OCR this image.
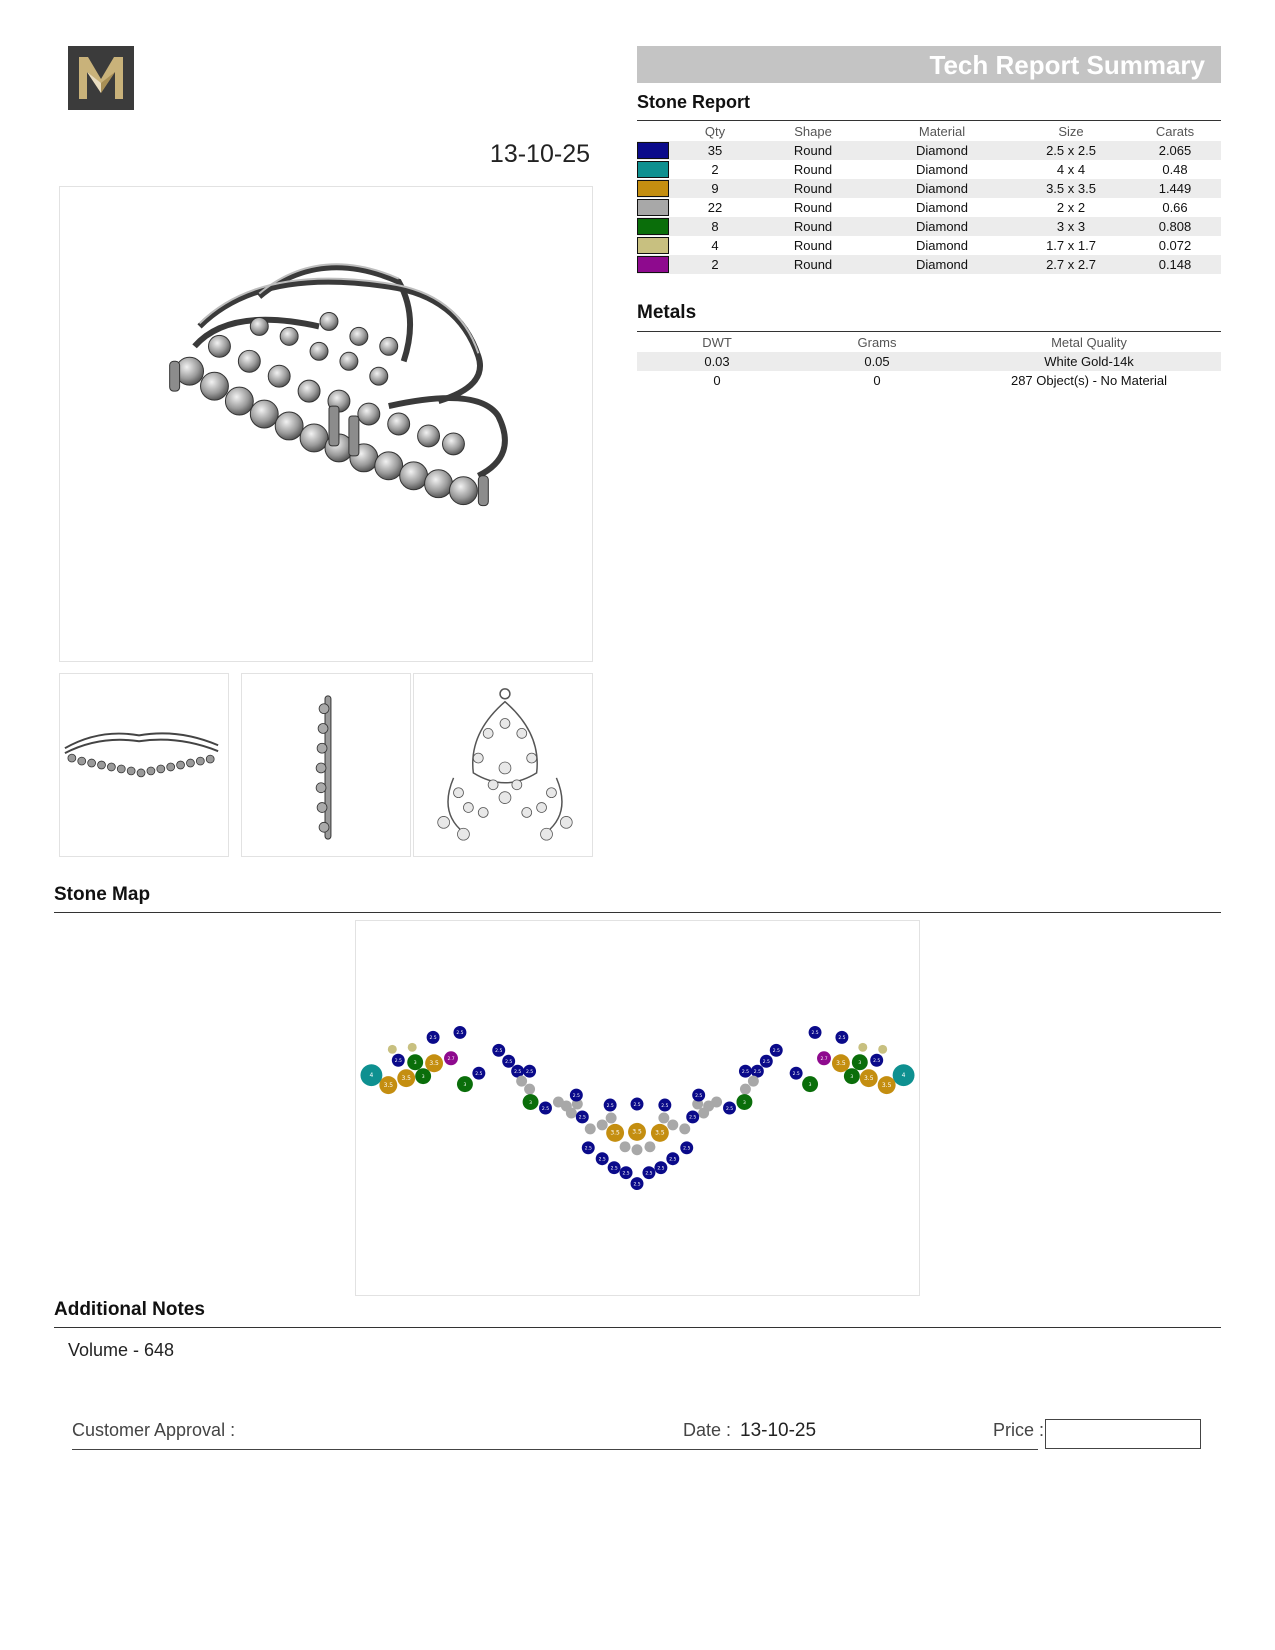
13-10-25
Tech Report Summary
Stone Report
	Qty	Shape	Material	Size	Carats

	35	Round	Diamond	2.5 x 2.5	2.065

	2	Round	Diamond	4 x 4	0.48

	9	Round	Diamond	3.5 x 3.5	1.449

	22	Round	Diamond	2 x 2	0.66

	8	Round	Diamond	3 x 3	0.808

	4	Round	Diamond	1.7 x 1.7	0.072

	2	Round	Diamond	2.7 x 2.7	0.148
Metals
DWT	Grams	Metal Quality
0.03	0.05	White Gold-14k
0	0	287 Object(s) - No Material
Stone Map
4	4
3.5	3.5
3.5	3.5
3	3
2.5	2.5
3	3
3.5	3.5
2.7	2.7
2.5	2.5
2.5	2.5
3	3
2.5	2.5
2.5	2.5
2.5	2.5
2.5	2.5
2.5	2.5
3	3
2.5	2.5
2.5	2.5
2.5	2.5
2.5	2.5
2.5	2.5
2.5	2.5
2.5	2.5
2.5	2.5
3.5	3.5
3.5
2.5
2.5
Additional Notes
Volume - 648
Customer Approval :	Date : 13-10-25	Price :
